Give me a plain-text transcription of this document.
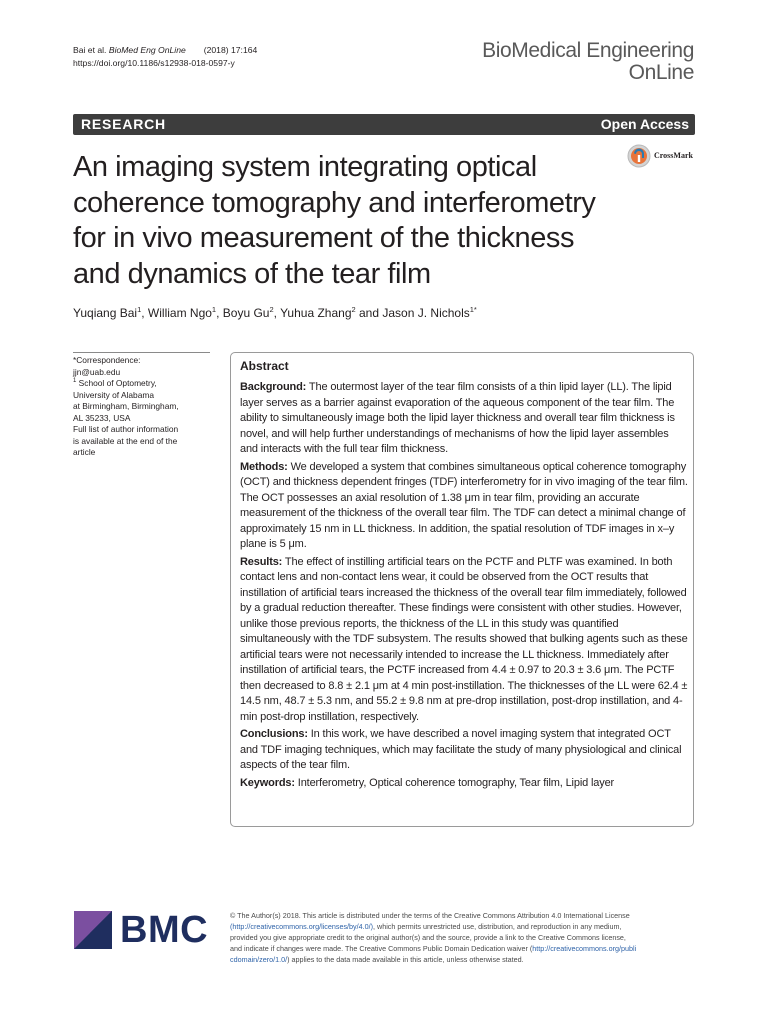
Bai et al. BioMed Eng OnLine (2018) 17:164
https://doi.org/10.1186/s12938-018-0597-y
BioMedical Engineering
OnLine
RESEARCH	Open Access
CrossMark
An imaging system integrating optical coherence tomography and interferometry for in vivo measurement of the thickness and dynamics of the tear film
Yuqiang Bai$^1$, William Ngo$^1$, Boyu Gu$^2$, Yuhua Zhang$^2$ and Jason J. Nichols$^{1*}$
*Correspondence:
jjn@uab.edu
$^1$ School of Optometry,
University of Alabama
at Birmingham, Birmingham,
AL 35233, USA
Full list of author information
is available at the end of the
article
Abstract

Background: The outermost layer of the tear film consists of a thin lipid layer (LL). The lipid layer serves as a barrier against evaporation of the aqueous component of the tear film. The ability to simultaneously image both the lipid layer thickness and overall tear film thickness is novel, and will help further understandings of mechanisms of how the lipid layer assembles and interacts with the full tear film thickness.

Methods: We developed a system that combines simultaneous optical coherence tomography (OCT) and thickness dependent fringes (TDF) interferometry for in vivo imaging of the tear film. The OCT possesses an axial resolution of 1.38 μm in tear film, providing an accurate measurement of the thickness of the overall tear film. The TDF can detect a minimal change of approximately 15 nm in LL thickness. In addition, the spatial resolution of TDF images in x–y plane is 5 μm.

Results: The effect of instilling artificial tears on the PCTF and PLTF was examined. In both contact lens and non-contact lens wear, it could be observed from the OCT results that instillation of artificial tears increased the thickness of the overall tear film immediately, followed by a gradual reduction thereafter. These findings were consistent with other studies. However, unlike those previous reports, the thickness of the LL in this study was quantified simultaneously with the TDF subsystem. The results showed that bulking agents such as these artificial tears were not necessarily intended to increase the LL thickness. Immediately after instillation of artificial tears, the PCTF increased from 4.4 ± 0.97 to 20.3 ± 3.6 μm. The PCTF then decreased to 8.8 ± 2.1 μm at 4 min post-instillation. The thicknesses of the LL were 62.4 ± 14.5 nm, 48.7 ± 5.3 nm, and 55.2 ± 9.8 nm at pre-drop instillation, post-drop instillation, and 4-min post-drop instillation, respectively.

Conclusions: In this work, we have described a novel imaging system that integrated OCT and TDF imaging techniques, which may facilitate the study of many physiological and clinical aspects of the tear film.

Keywords: Interferometry, Optical coherence tomography, Tear film, Lipid layer

BMC	© The Author(s) 2018. This article is distributed under the terms of the Creative Commons Attribution 4.0 International License
(http://creativecommons.org/licenses/by/4.0/), which permits unrestricted use, distribution, and reproduction in any medium,
provided you give appropriate credit to the original author(s) and the source, provide a link to the Creative Commons license,
and indicate if changes were made. The Creative Commons Public Domain Dedication waiver (http://creativecommons.org/publi
cdomain/zero/1.0/) applies to the data made available in this article, unless otherwise stated.
